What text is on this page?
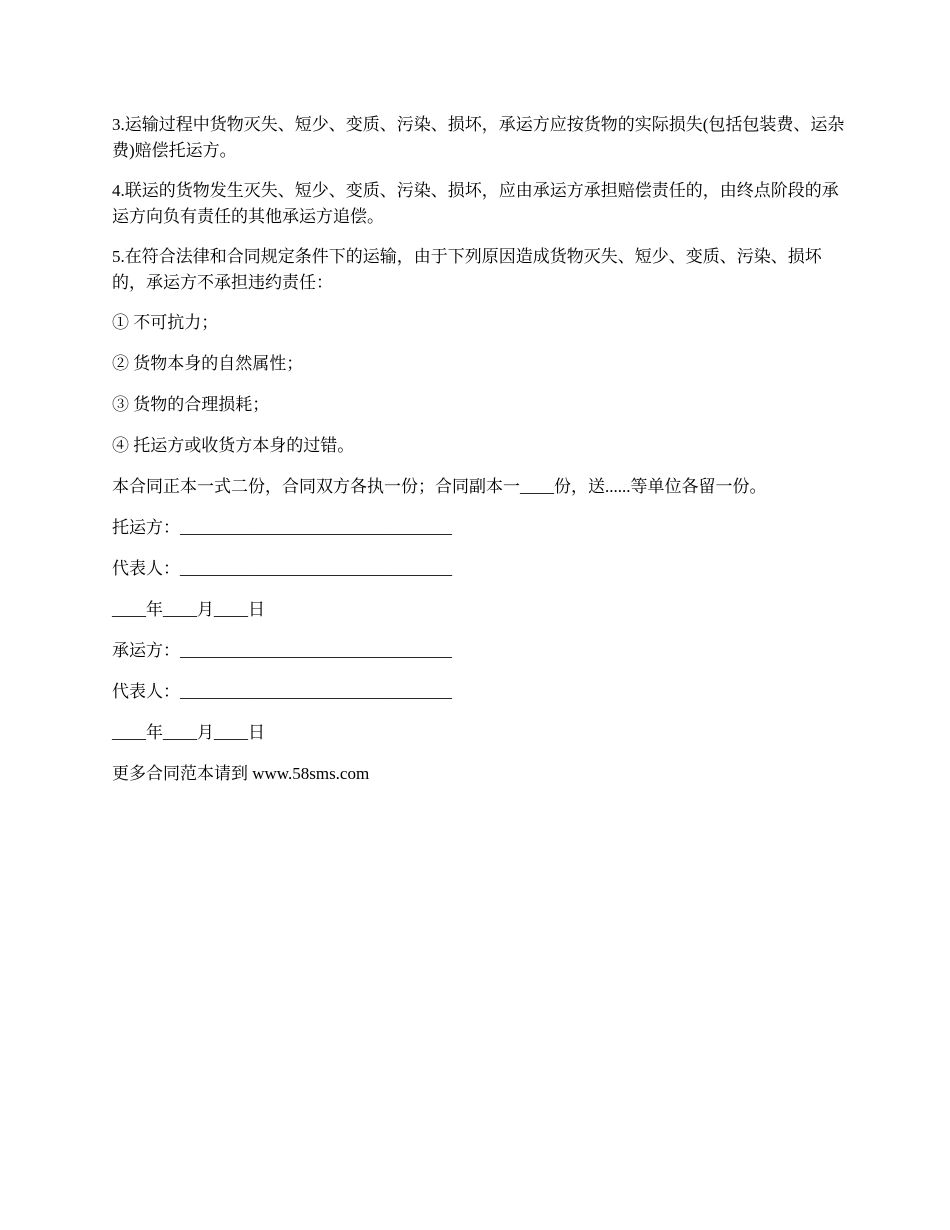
3.运输过程中货物灭失、短少、变质、污染、损坏，承运方应按货物的实际损失(包括包装费、运杂费)赔偿托运方。

4.联运的货物发生灭失、短少、变质、污染、损坏，应由承运方承担赔偿责任的，由终点阶段的承运方向负有责任的其他承运方追偿。

5.在符合法律和合同规定条件下的运输，由于下列原因造成货物灭失、短少、变质、污染、损坏的，承运方不承担违约责任：

① 不可抗力；

② 货物本身的自然属性；

③ 货物的合理损耗；

④ 托运方或收货方本身的过错。

本合同正本一式二份，合同双方各执一份；合同副本一____份，送......等单位各留一份。

托运方：________________________________

代表人：________________________________

____年____月____日

承运方：________________________________

代表人：________________________________

____年____月____日

更多合同范本请到 www.58sms.com
